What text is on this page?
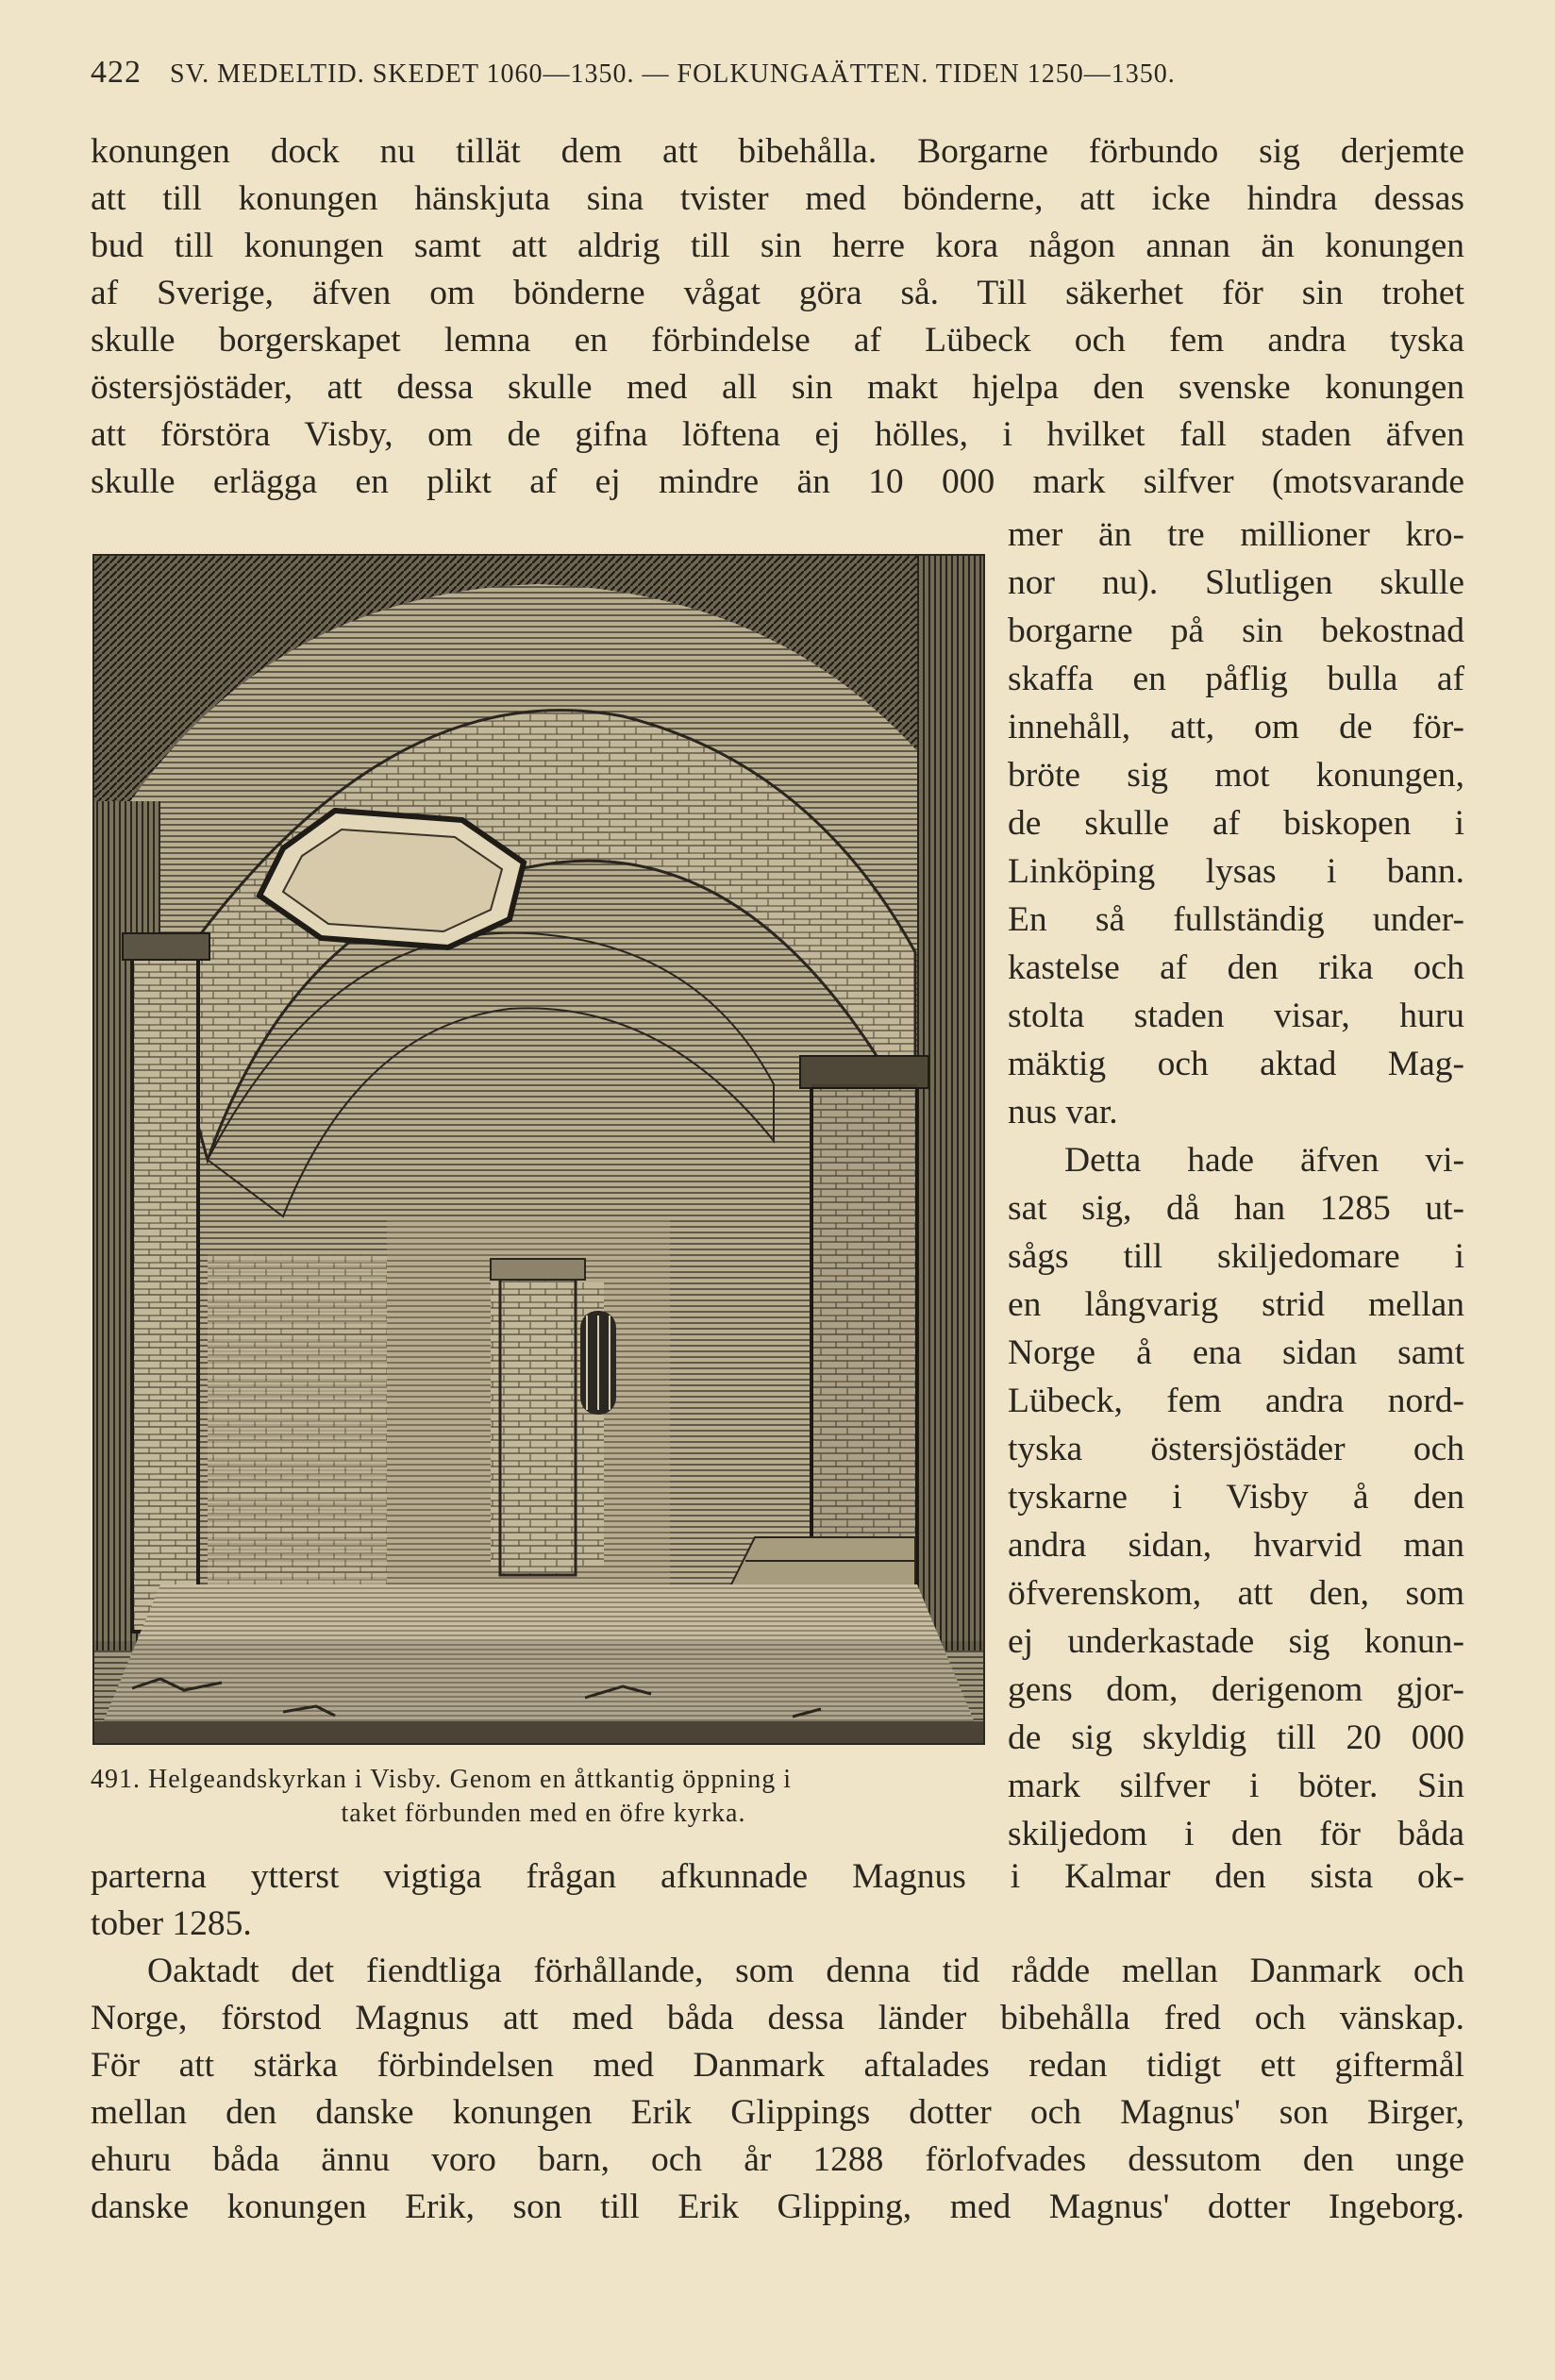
422 SV. MEDELTID. SKEDET 1060—1350. — FOLKUNGAÄTTEN. TIDEN 1250—1350.
konungen dock nu tillät dem att bibehålla. Borgarne förbundo sig derjemte
att till konungen hänskjuta sina tvister med bönderne, att icke hindra dessas
bud till konungen samt att aldrig till sin herre kora någon annan än konungen
af Sverige, äfven om bönderne vågat göra så. Till säkerhet för sin trohet
skulle borgerskapet lemna en förbindelse af Lübeck och fem andra tyska
östersjöstäder, att dessa skulle med all sin makt hjelpa den svenske konungen
att förstöra Visby, om de gifna löftena ej hölles, i hvilket fall staden äfven
skulle erlägga en plikt af ej mindre än 10 000 mark silfver (motsvarande
mer än tre millioner kro-
nor nu). Slutligen skulle
borgarne på sin bekostnad
skaffa en påflig bulla af
innehåll, att, om de för-
bröte sig mot konungen,
de skulle af biskopen i
Linköping lysas i bann.
En så fullständig under-
kastelse af den rika och
stolta staden visar, huru
mäktig och aktad Mag-
nus var.
Detta hade äfven vi-
sat sig, då han 1285 ut-
sågs till skiljedomare i
en långvarig strid mellan
Norge å ena sidan samt
Lübeck, fem andra nord-
tyska östersjöstäder och
tyskarne i Visby å den
andra sidan, hvarvid man
öfverenskom, att den, som
ej underkastade sig konun-
gens dom, derigenom gjor-
de sig skyldig till 20 000
mark silfver i böter. Sin
skiljedom i den för båda
491. Helgeandskyrkan i Visby. Genom en åttkantig öppning i
taket förbunden med en öfre kyrka.
parterna ytterst vigtiga frågan afkunnade Magnus i Kalmar den sista ok-
tober 1285.
Oaktadt det fiendtliga förhållande, som denna tid rådde mellan Danmark och
Norge, förstod Magnus att med båda dessa länder bibehålla fred och vänskap.
För att stärka förbindelsen med Danmark aftalades redan tidigt ett giftermål
mellan den danske konungen Erik Glippings dotter och Magnus' son Birger,
ehuru båda ännu voro barn, och år 1288 förlofvades dessutom den unge
danske konungen Erik, son till Erik Glipping, med Magnus' dotter Ingeborg.
